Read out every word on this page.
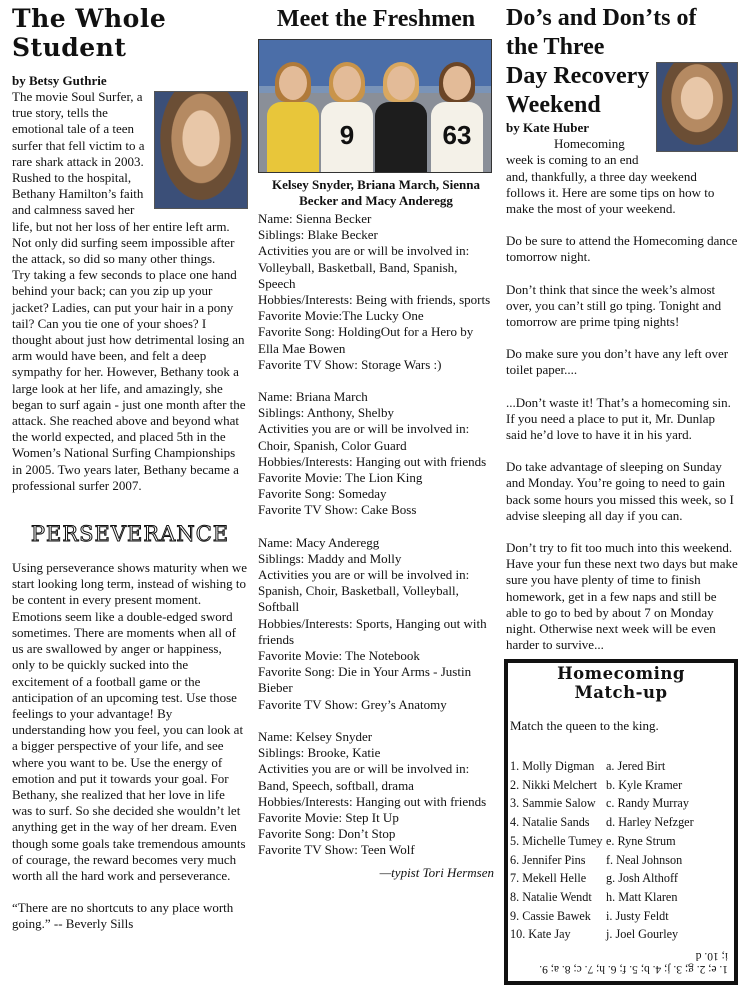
The Whole
Student
by Betsy Guthrie

The movie Soul Surfer, a true story, tells the emotional tale of a teen surfer that fell victim to a rare shark attack in 2003. Rushed to the hospital, Bethany Hamilton’s faith and calmness saved her life, but not her loss of her entire left arm. Not only did surfing seem impossible after the attack, so did so many other things.

Try taking a few seconds to place one hand behind your back; can you zip up your jacket? Ladies, can put your hair in a pony tail? Can you tie one of your shoes? I thought about just how detrimental losing an arm would have been, and felt a deep sympathy for her. However, Bethany took a large look at her life, and amazingly, she began to surf again - just one month after the attack. She reached above and beyond what the world expected, and placed 5th in the Women’s National Surfing Championships in 2005. Two years later, Bethany became a professional surfer 2007.

PERSEVERANCE

Using perseverance shows maturity when we start looking long term, instead of wishing to be content in every present moment. Emotions seem like a double-edged sword sometimes. There are moments when all of us are swallowed by anger or happiness, only to be quickly sucked into the excitement of a football game or the anticipation of an upcoming test. Use those feelings to your advantage! By understanding how you feel, you can look at a bigger perspective of your life, and see where you want to be. Use the energy of emotion and put it towards your goal. For Bethany, she realized that her love in life was to surf. So she decided she wouldn’t let anything get in the way of her dream. Even though some goals take tremendous amounts of courage, the reward becomes very much worth all the hard work and perseverance.

“There are no shortcuts to any place worth going.” -- Beverly Sills

Meet the Freshmen
9	63
Kelsey Snyder, Briana March, Sienna Becker and Macy Anderegg
Name: Sienna Becker
Siblings: Blake Becker
Activities you are or will be involved in: Volleyball, Basketball, Band, Spanish, Speech
Hobbies/Interests: Being with friends, sports
Favorite Movie:The Lucky One
Favorite Song: HoldingOut for a Hero by Ella Mae Bowen
Favorite TV Show: Storage Wars :)
Name: Briana March
Siblings: Anthony, Shelby
Activities you are or will be involved in: Choir, Spanish, Color Guard
Hobbies/Interests: Hanging out with friends
Favorite Movie: The Lion King
Favorite Song: Someday
Favorite TV Show: Cake Boss
Name: Macy Anderegg
Siblings: Maddy and Molly
Activities you are or will be involved in: Spanish, Choir, Basketball, Volleyball, Softball
Hobbies/Interests: Sports, Hanging out with friends
Favorite Movie: The Notebook
Favorite Song: Die in Your Arms - Justin Bieber
Favorite TV Show: Grey’s Anatomy
Name: Kelsey Snyder
Siblings: Brooke, Katie
Activities you are or will be involved in: Band, Speech, softball, drama
Hobbies/Interests: Hanging out with friends
Favorite Movie: Step It Up
Favorite Song: Don’t Stop
Favorite TV Show: Teen Wolf
—typist Tori Hermsen
Do’s and Don’ts of
the Three
Day Recovery
Weekend
by Kate Huber

Homecoming week is coming to an end and, thankfully, a three day weekend follows it. Here are some tips on how to make the most of your weekend.

Do be sure to attend the Homecoming dance tomorrow night.

Don’t think that since the week’s almost over, you can’t still go tping. Tonight and tomorrow are prime tping nights!

Do make sure you don’t have any left over toilet paper....

...Don’t waste it! That’s a homecoming sin. If you need a place to put it, Mr. Dunlap said he’d love to have it in his yard.

Do take advantage of sleeping on Sunday and Monday. You’re going to need to gain back some hours you missed this week, so I advise sleeping all day if you can.

Don’t try to fit too much into this weekend. Have your fun these next two days but make sure you have plenty of time to finish homework, get in a few naps and still be able to go to bed by about 7 on Monday night. Otherwise next week will be even harder to survive...

Homecoming
Match-up
Match the queen to the king.
1. Molly Digman
2. Nikki Melchert
3. Sammie Salow
4. Natalie Sands
5. Michelle Tumey
6. Jennifer Pins
7. Mekell Helle
8. Natalie Wendt
9. Cassie Bawek
10. Kate Jay
a. Jered Birt
b. Kyle Kramer
c. Randy Murray
d. Harley Nefzger
e. Ryne Strum
f. Neal Johnson
g. Josh Althoff
h. Matt Klaren
i. Justy Feldt
j. Joel Gourley
1. e; 2. g; 3. j; 4. b; 5. f; 6. h; 7. c; 8. a; 9.
i; 10. d
